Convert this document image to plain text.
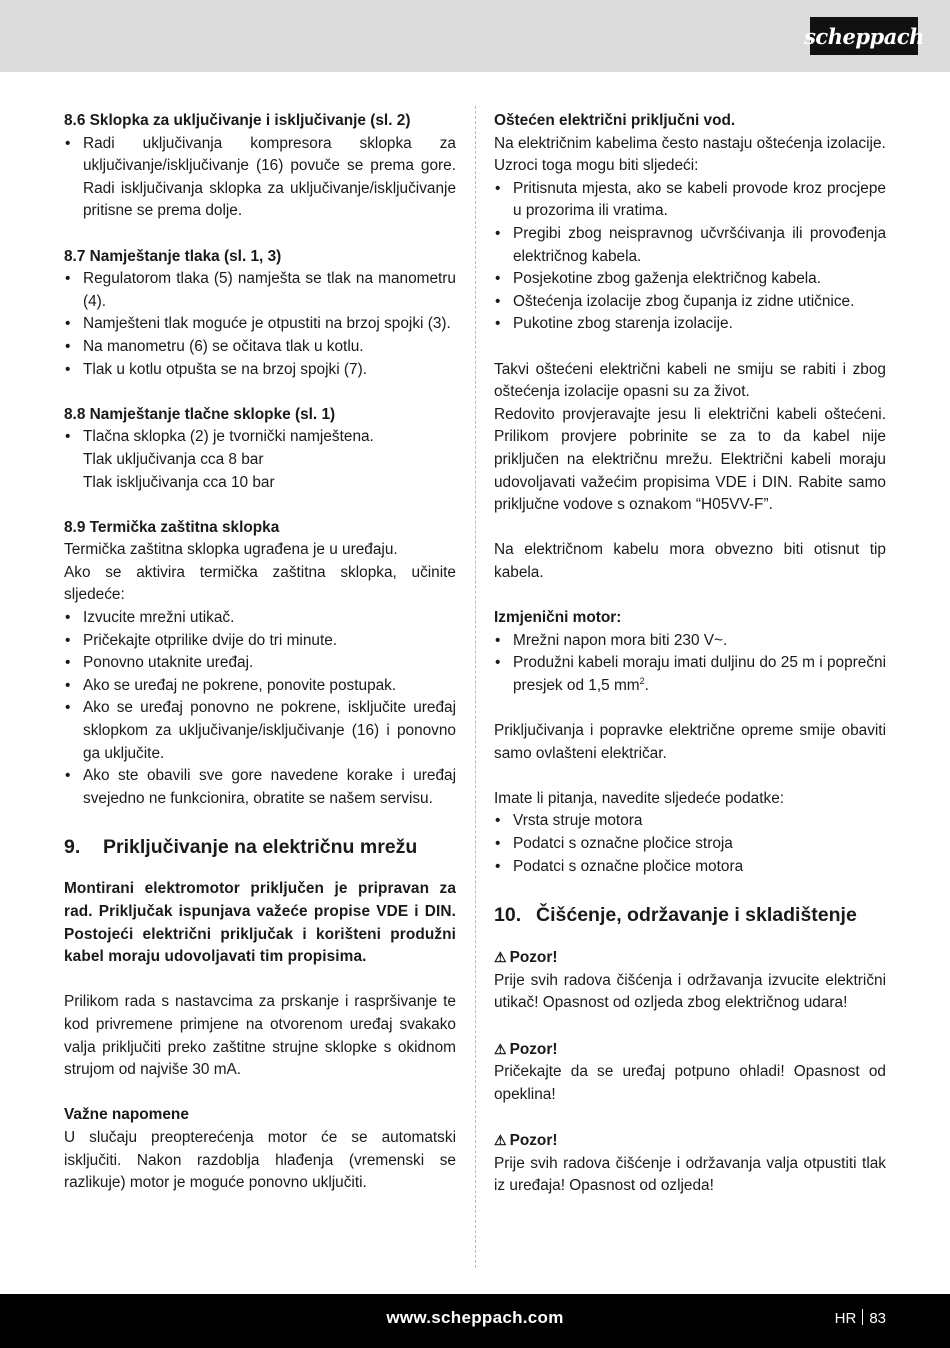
scheppach

8.6 Sklopka za uključivanje i isključivanje (sl. 2)

• Radi uključivanja kompresora sklopka za uključivanje/isključivanje (16) povuče se prema gore. Radi isključivanja sklopka za uključivanje/isključivanje pritisne se prema dolje.

8.7 Namještanje tlaka (sl. 1, 3)

• Regulatorom tlaka (5) namješta se tlak na manometru (4).
• Namješteni tlak moguće je otpustiti na brzoj spojki (3).
• Na manometru (6) se očitava tlak u kotlu.
• Tlak u kotlu otpušta se na brzoj spojki (7).

8.8 Namještanje tlačne sklopke (sl. 1)

• Tlačna sklopka (2) je tvornički namještena.

Tlak uključivanja cca 8 bar

Tlak isključivanja cca 10 bar

8.9 Termička zaštitna sklopka

Termička zaštitna sklopka ugrađena je u uređaju.

Ako se aktivira termička zaštitna sklopka, učinite sljedeće:

• Izvucite mrežni utikač.
• Pričekajte otprilike dvije do tri minute.
• Ponovno utaknite uređaj.
• Ako se uređaj ne pokrene, ponovite postupak.
• Ako se uređaj ponovno ne pokrene, isključite uređaj sklopkom za uključivanje/isključivanje (16) i ponovno ga uključite.
• Ako ste obavili sve gore navedene korake i uređaj svejedno ne funkcionira, obratite se našem servisu.
9.	Priključivanje na električnu mrežu

Montirani elektromotor priključen je pripravan za rad. Priključak ispunjava važeće propise VDE i DIN. Postojeći električni priključak i korišteni produžni kabel moraju udovoljavati tim propisima.

Prilikom rada s nastavcima za prskanje i raspršivanje te kod privremene primjene na otvorenom uređaj svakako valja priključiti preko zaštitne strujne sklopke s okidnom strujom od najviše 30 mA.

Važne napomene

U slučaju preopterećenja motor će se automatski isključiti. Nakon razdoblja hlađenja (vremenski se razlikuje) motor je moguće ponovno uključiti.

Oštećen električni priključni vod.

Na električnim kabelima često nastaju oštećenja izolacije.

Uzroci toga mogu biti sljedeći:

• Pritisnuta mjesta, ako se kabeli provode kroz procjepe u prozorima ili vratima.
• Pregibi zbog neispravnog učvršćivanja ili provođenja električnog kabela.
• Posjekotine zbog gaženja električnog kabela.
• Oštećenja izolacije zbog čupanja iz zidne utičnice.
• Pukotine zbog starenja izolacije.

Takvi oštećeni električni kabeli ne smiju se rabiti i zbog oštećenja izolacije opasni su za život.

Redovito provjeravajte jesu li električni kabeli oštećeni. Prilikom provjere pobrinite se za to da kabel nije priključen na električnu mrežu. Električni kabeli moraju udovoljavati važećim propisima VDE i DIN. Rabite samo priključne vodove s oznakom “H05VV-F”.

Na električnom kabelu mora obvezno biti otisnut tip kabela.

Izmjenični motor:

• Mrežni napon mora biti 230 V~.
• Produžni kabeli moraju imati duljinu do 25 m i poprečni presjek od 1,5 $mm^2$.

Priključivanja i popravke električne opreme smije obaviti samo ovlašteni električar.

Imate li pitanja, navedite sljedeće podatke:

• Vrsta struje motora
• Podatci s označne pločice stroja
• Podatci s označne pločice motora
10. Čišćenje, održavanje i skladištenje

⚠ Pozor!

Prije svih radova čišćenja i održavanja izvucite električni utikač! Opasnost od ozljeda zbog električnog udara!

⚠ Pozor!

Pričekajte da se uređaj potpuno ohladi! Opasnost od opeklina!

⚠ Pozor!

Prije svih radova čišćenje i održavanja valja otpustiti tlak iz uređaja! Opasnost od ozljeda!

www.scheppach.com	HR 83
